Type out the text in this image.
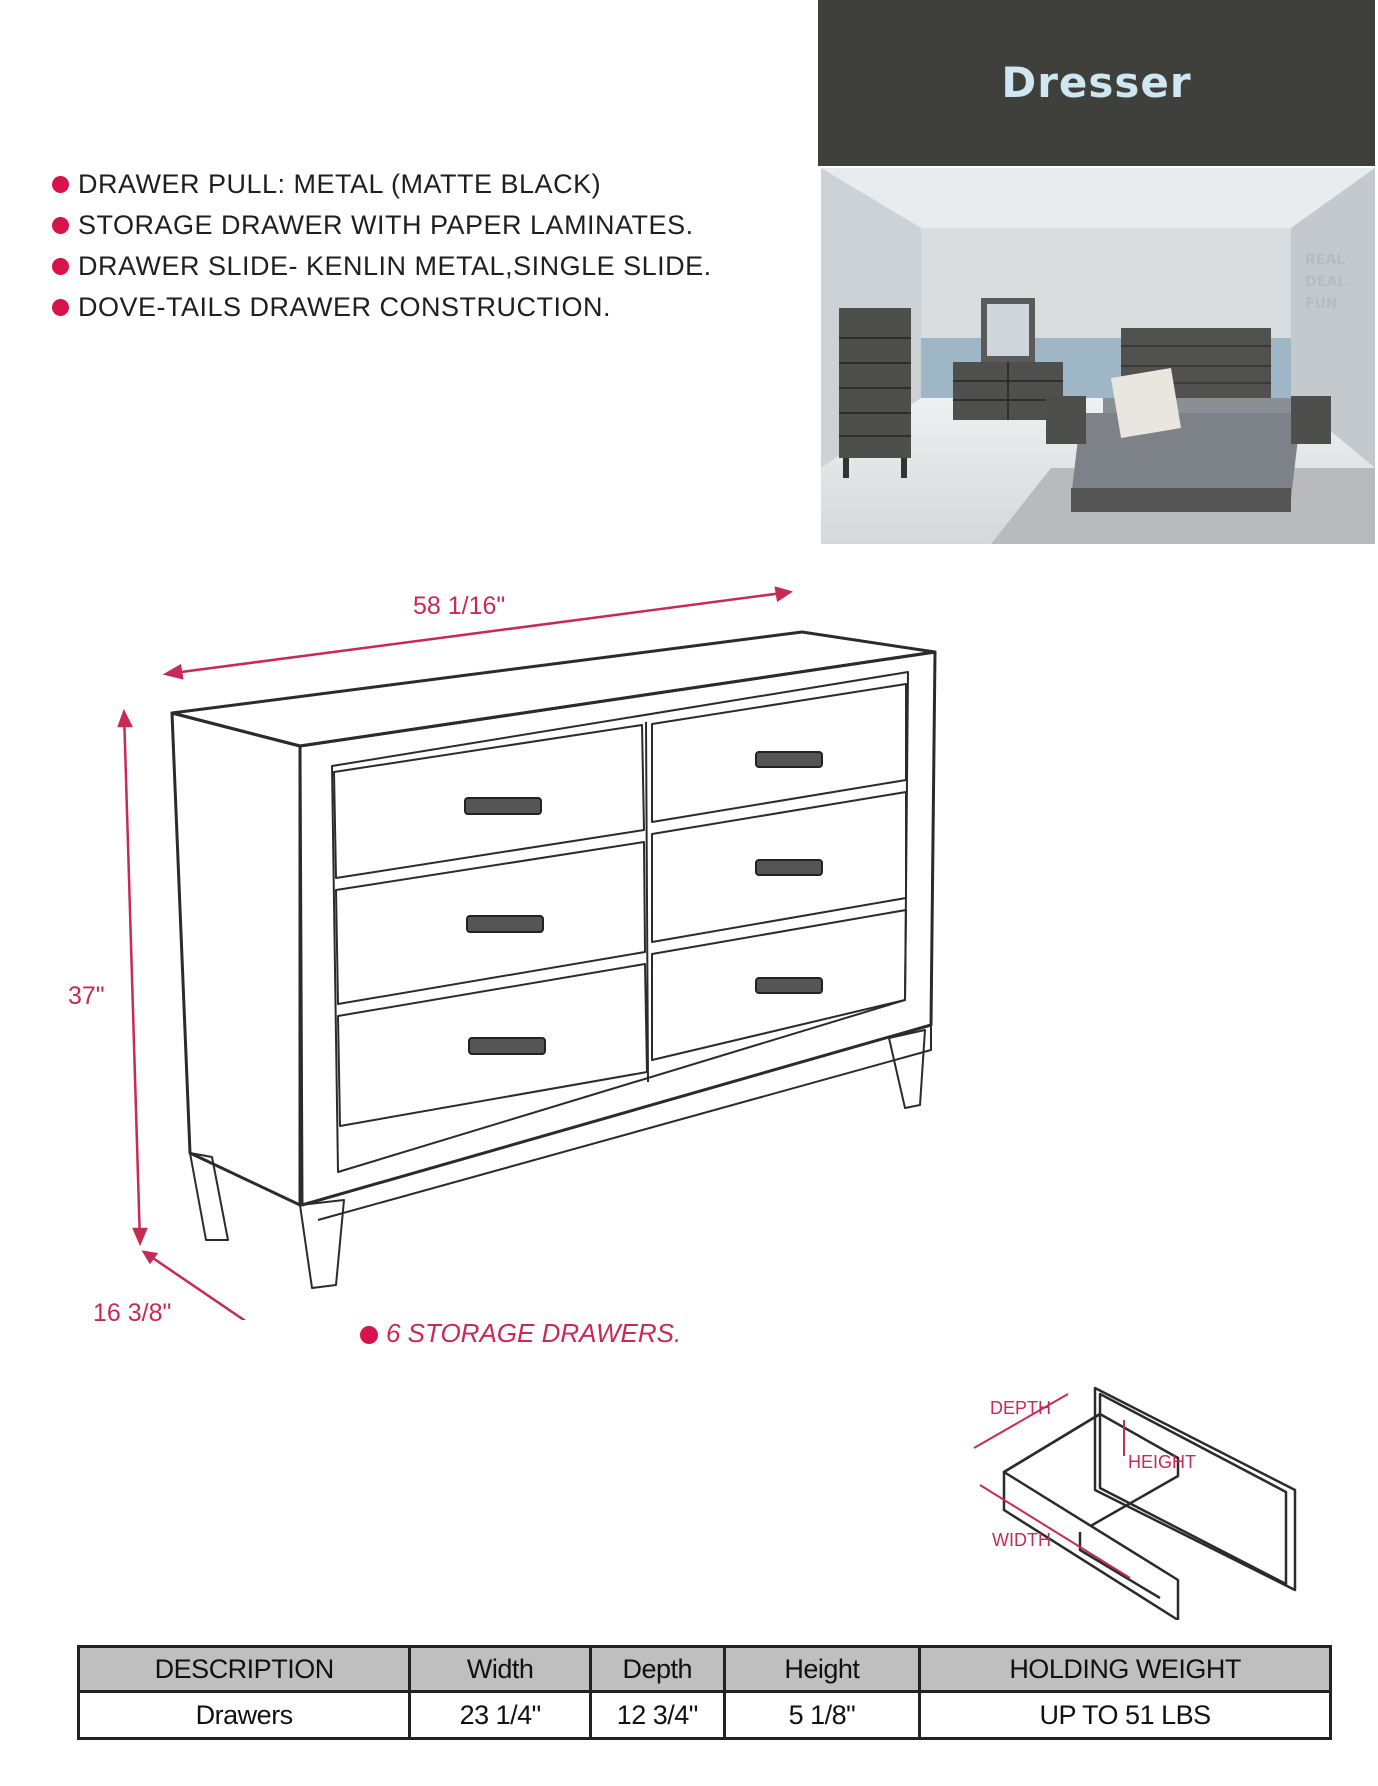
Dresser
DRAWER PULL: METAL (MATTE BLACK)
STORAGE DRAWER WITH PAPER LAMINATES.
DRAWER SLIDE- KENLIN METAL,SINGLE SLIDE.
DOVE-TAILS DRAWER CONSTRUCTION.
REAL
DEAL
FUN
58 1/16"
37"
16 3/8"
6 STORAGE DRAWERS.
DEPTH
HEIGHT
WIDTH
DESCRIPTION	Width	Depth	Height	HOLDING WEIGHT
Drawers	23 1/4"	12 3/4"	5 1/8"	UP TO 51 LBS
